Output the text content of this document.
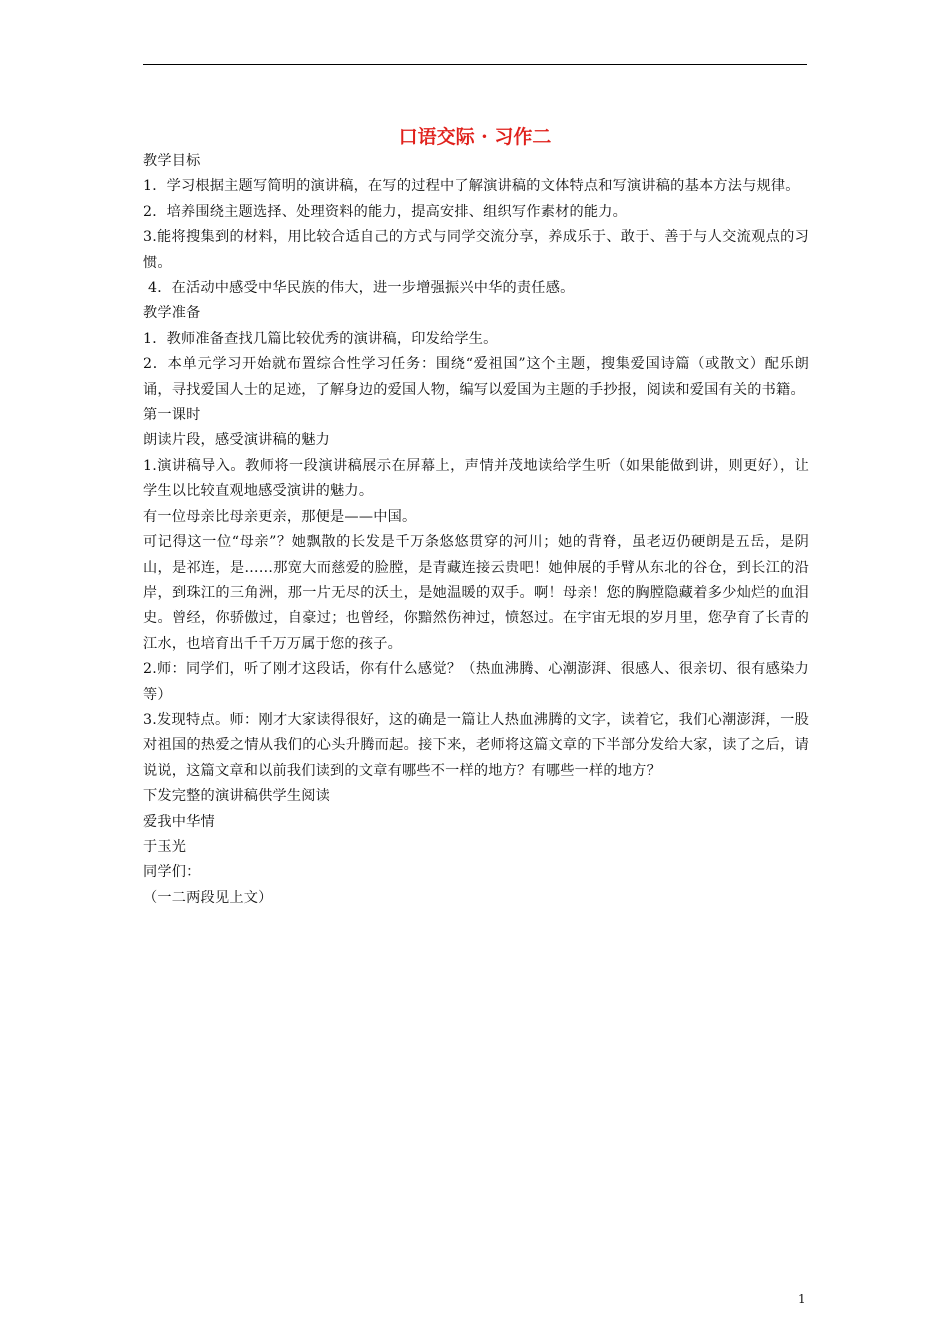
口语交际 · 习作二

教学目标

1．学习根据主题写简明的演讲稿，在写的过程中了解演讲稿的文体特点和写演讲稿的基本方法与规律。

2．培养围绕主题选择、处理资料的能力，提高安排、组织写作素材的能力。

3.能将搜集到的材料，用比较合适自己的方式与同学交流分享，养成乐于、敢于、善于与人交流观点的习惯。

4．在活动中感受中华民族的伟大，进一步增强振兴中华的责任感。

教学准备

1．教师准备查找几篇比较优秀的演讲稿，印发给学生。

2．本单元学习开始就布置综合性学习任务：围绕“爱祖国”这个主题，搜集爱国诗篇（或散文）配乐朗诵，寻找爱国人士的足迹，了解身边的爱国人物，编写以爱国为主题的手抄报，阅读和爱国有关的书籍。

第一课时

朗读片段，感受演讲稿的魅力

1.演讲稿导入。教师将一段演讲稿展示在屏幕上，声情并茂地读给学生听（如果能做到讲，则更好），让学生以比较直观地感受演讲的魅力。

有一位母亲比母亲更亲，那便是——中国。

可记得这一位“母亲”？她飘散的长发是千万条悠悠贯穿的河川；她的背脊，虽老迈仍硬朗是五岳，是阴山，是祁连，是……那宽大而慈爱的脸膛，是青藏连接云贵吧！她伸展的手臂从东北的谷仓，到长江的沿岸，到珠江的三角洲，那一片无尽的沃土，是她温暖的双手。啊！母亲！您的胸膛隐藏着多少灿烂的血泪史。曾经，你骄傲过，自豪过；也曾经，你黯然伤神过，愤怒过。在宇宙无垠的岁月里，您孕育了长青的江水，也培育出千千万万属于您的孩子。

2.师：同学们，听了刚才这段话，你有什么感觉？（热血沸腾、心潮澎湃、很感人、很亲切、很有感染力等）

3.发现特点。师：刚才大家读得很好，这的确是一篇让人热血沸腾的文字，读着它，我们心潮澎湃，一股对祖国的热爱之情从我们的心头升腾而起。接下来，老师将这篇文章的下半部分发给大家，读了之后，请说说，这篇文章和以前我们读到的文章有哪些不一样的地方？有哪些一样的地方？

下发完整的演讲稿供学生阅读

爱我中华情

于玉光

同学们：

（一二两段见上文）

1
